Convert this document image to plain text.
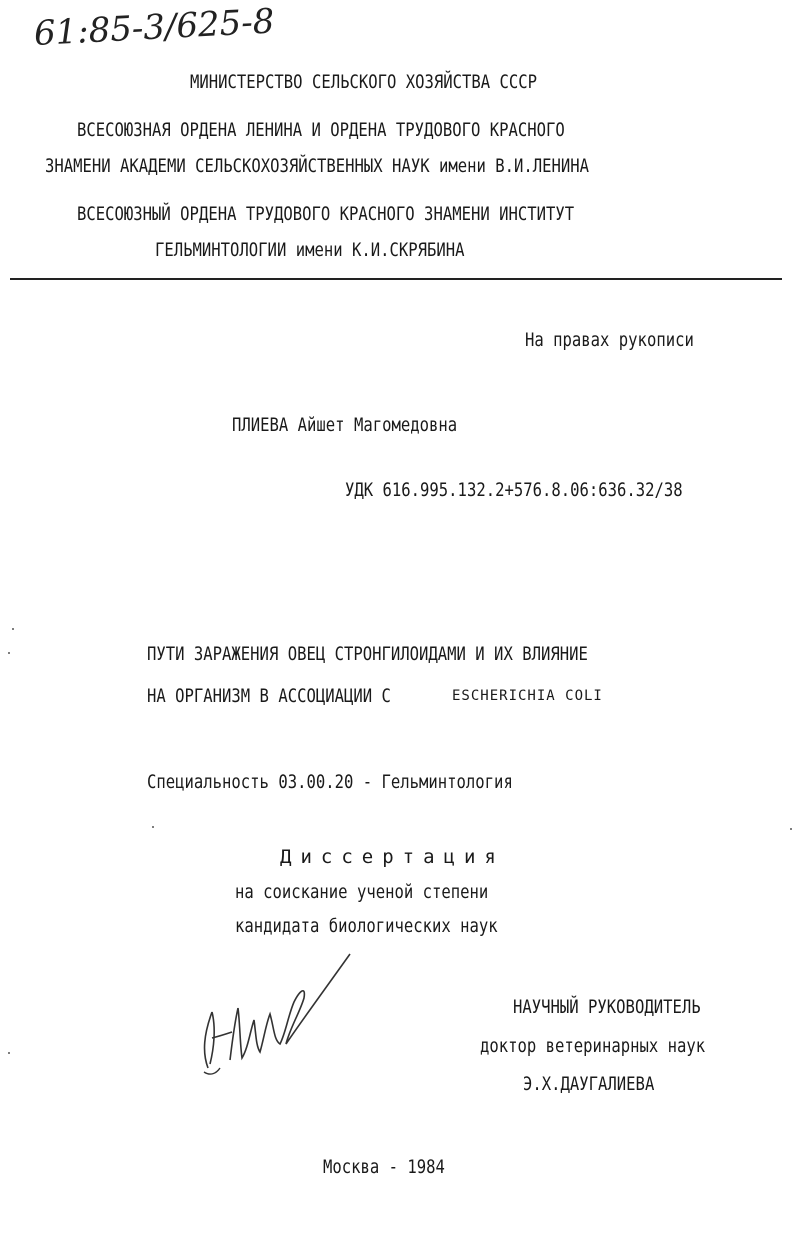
61:85-3/625-8
МИНИСТЕРСТВО СЕЛЬСКОГО ХОЗЯЙСТВА СССР
ВСЕСОЮЗНАЯ ОРДЕНА ЛЕНИНА И ОРДЕНА ТРУДОВОГО КРАСНОГО
ЗНАМЕНИ АКАДЕМИ СЕЛЬСКОХОЗЯЙСТВЕННЫХ НАУК имени В.И.ЛЕНИНА
ВСЕСОЮЗНЫЙ ОРДЕНА ТРУДОВОГО КРАСНОГО ЗНАМЕНИ ИНСТИТУТ
ГЕЛЬМИНТОЛОГИИ имени К.И.СКРЯБИНА
На правах рукописи
ПЛИЕВА Айшет Магомедовна
УДК 616.995.132.2+576.8.06:636.32/38
ПУТИ ЗАРАЖЕНИЯ ОВЕЦ СТРОНГИЛОИДАМИ И ИХ ВЛИЯНИЕ
НА ОРГАНИЗМ В АССОЦИАЦИИ С	ESCHERICHIA COLI
Специальность 03.00.20 - Гельминтология
Диссертация
на соискание ученой степени
кандидата биологических наук
НАУЧНЫЙ РУКОВОДИТЕЛЬ
доктор ветеринарных наук
Э.Х.ДАУГАЛИЕВА
Москва - 1984
